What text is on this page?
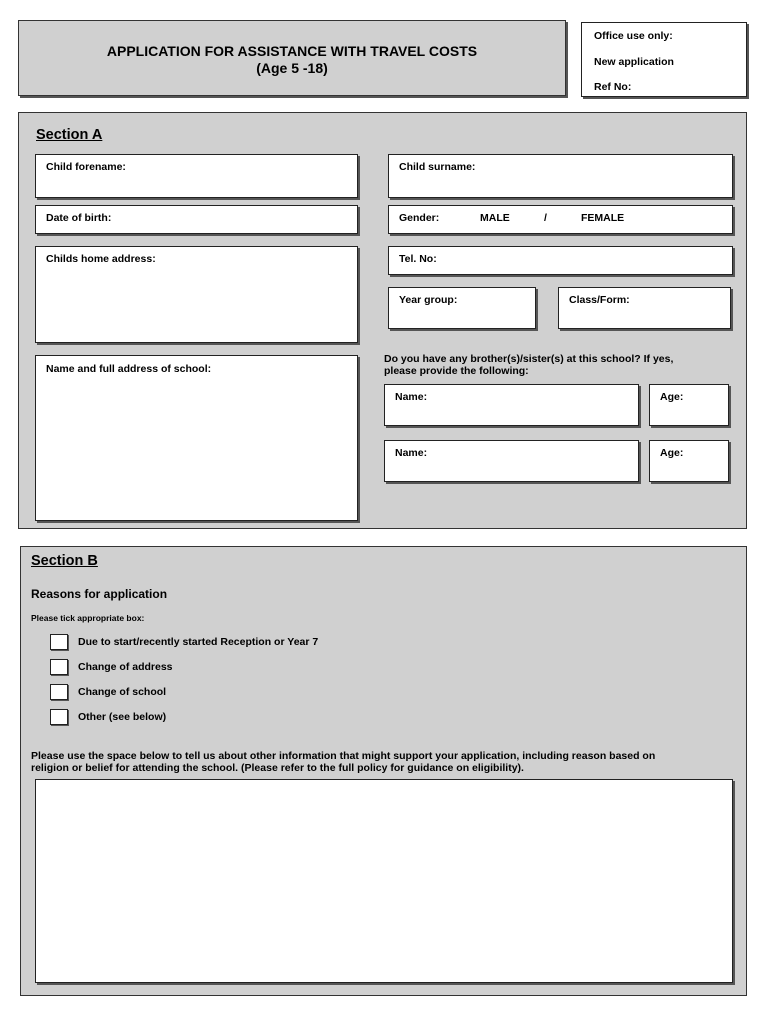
APPLICATION FOR ASSISTANCE WITH TRAVEL COSTS
(Age 5 -18)
Office use only:
New application
Ref No:
Section A
Child forename:	Child surname:
Date of birth:	Gender:	MALE	/	FEMALE
Childs home address:	Tel. No:
Year group:	Class/Form:
Name and full address of school:
Do you have any brother(s)/sister(s) at this school? If yes,
please provide the following:
Name:	Age:
Name:	Age:
Section B
Reasons for application
Please tick appropriate box:
Due to start/recently started Reception or Year 7
Change of address
Change of school
Other (see below)
Please use the space below to tell us about other information that might support your application, including reason based on
religion or belief for attending the school. (Please refer to the full policy for guidance on eligibility).
